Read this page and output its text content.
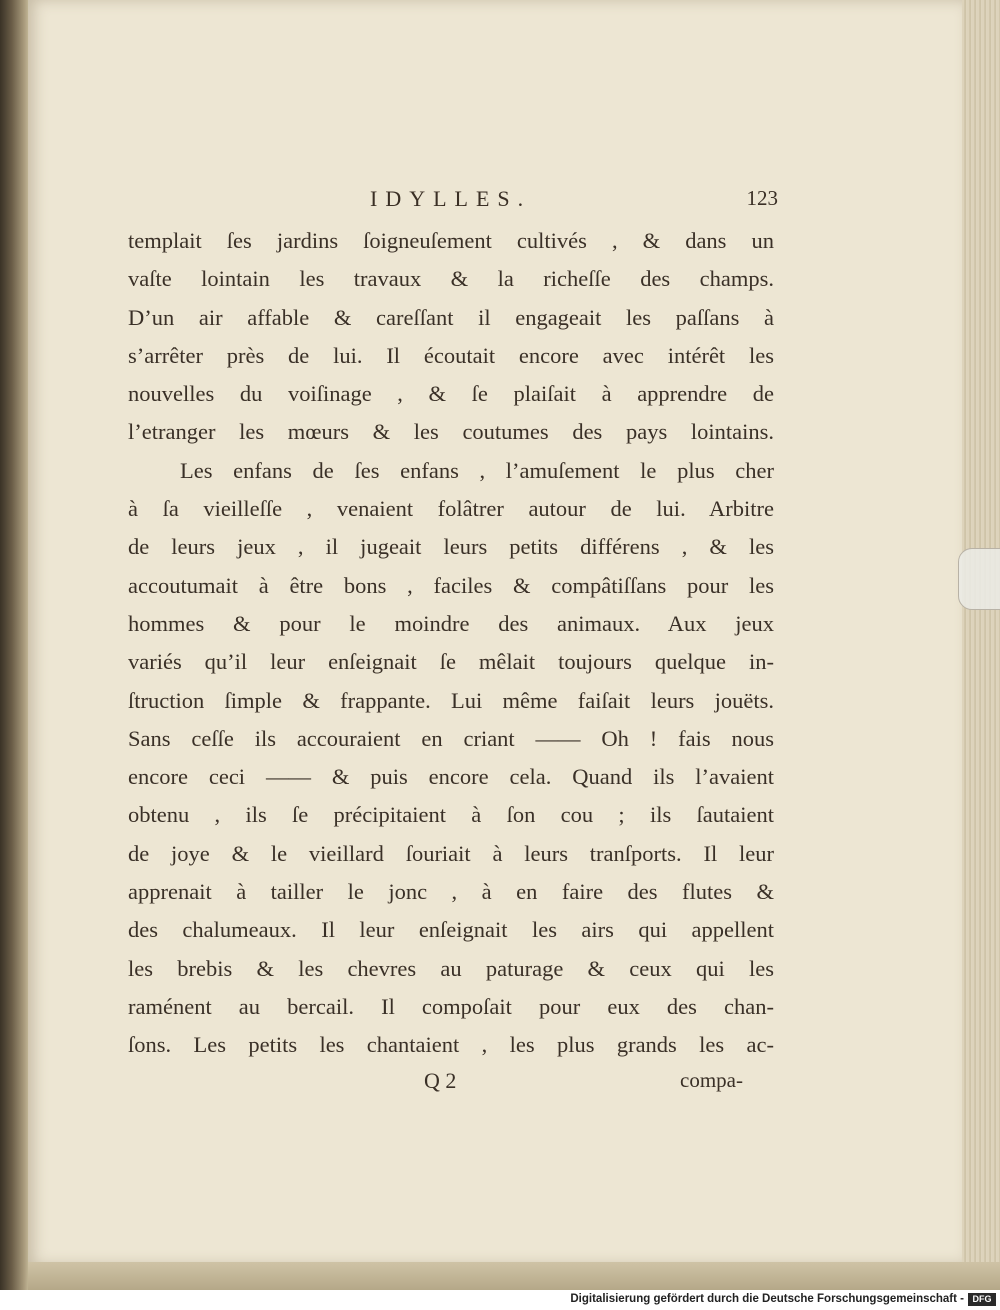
IDYLLES.	123
templait ſes jardins ſoigneuſement cultivés , & dans un
vaſte lointain les travaux & la richeſſe des champs.
D’un air affable & careſſant il engageait les paſſans à
s’arrêter près de lui. Il écoutait encore avec intérêt les
nouvelles du voiſinage , & ſe plaiſait à apprendre de
l’etranger les mœurs & les coutumes des pays lointains.
Les enfans de ſes enfans , l’amuſement le plus cher
à ſa vieilleſſe , venaient folâtrer autour de lui. Arbitre
de leurs jeux , il jugeait leurs petits différens , & les
accoutumait à être bons , faciles & compâtiſſans pour les
hommes & pour le moindre des animaux. Aux jeux
variés qu’il leur enſeignait ſe mêlait toujours quelque in-
ſtruction ſimple & frappante. Lui même faiſait leurs jouëts.
Sans ceſſe ils accouraient en criant —— Oh ! fais nous
encore ceci —— & puis encore cela. Quand ils l’avaient
obtenu , ils ſe précipitaient à ſon cou ; ils ſautaient
de joye & le vieillard ſouriait à leurs tranſports. Il leur
apprenait à tailler le jonc , à en faire des flutes &
des chalumeaux. Il leur enſeignait les airs qui appellent
les brebis & les chevres au paturage & ceux qui les
raménent au bercail. Il compoſait pour eux des chan-
ſons. Les petits les chantaient , les plus grands les ac-
Q 2	compa-
Digitalisierung gefördert durch die Deutsche Forschungsgemeinschaft - DFG
